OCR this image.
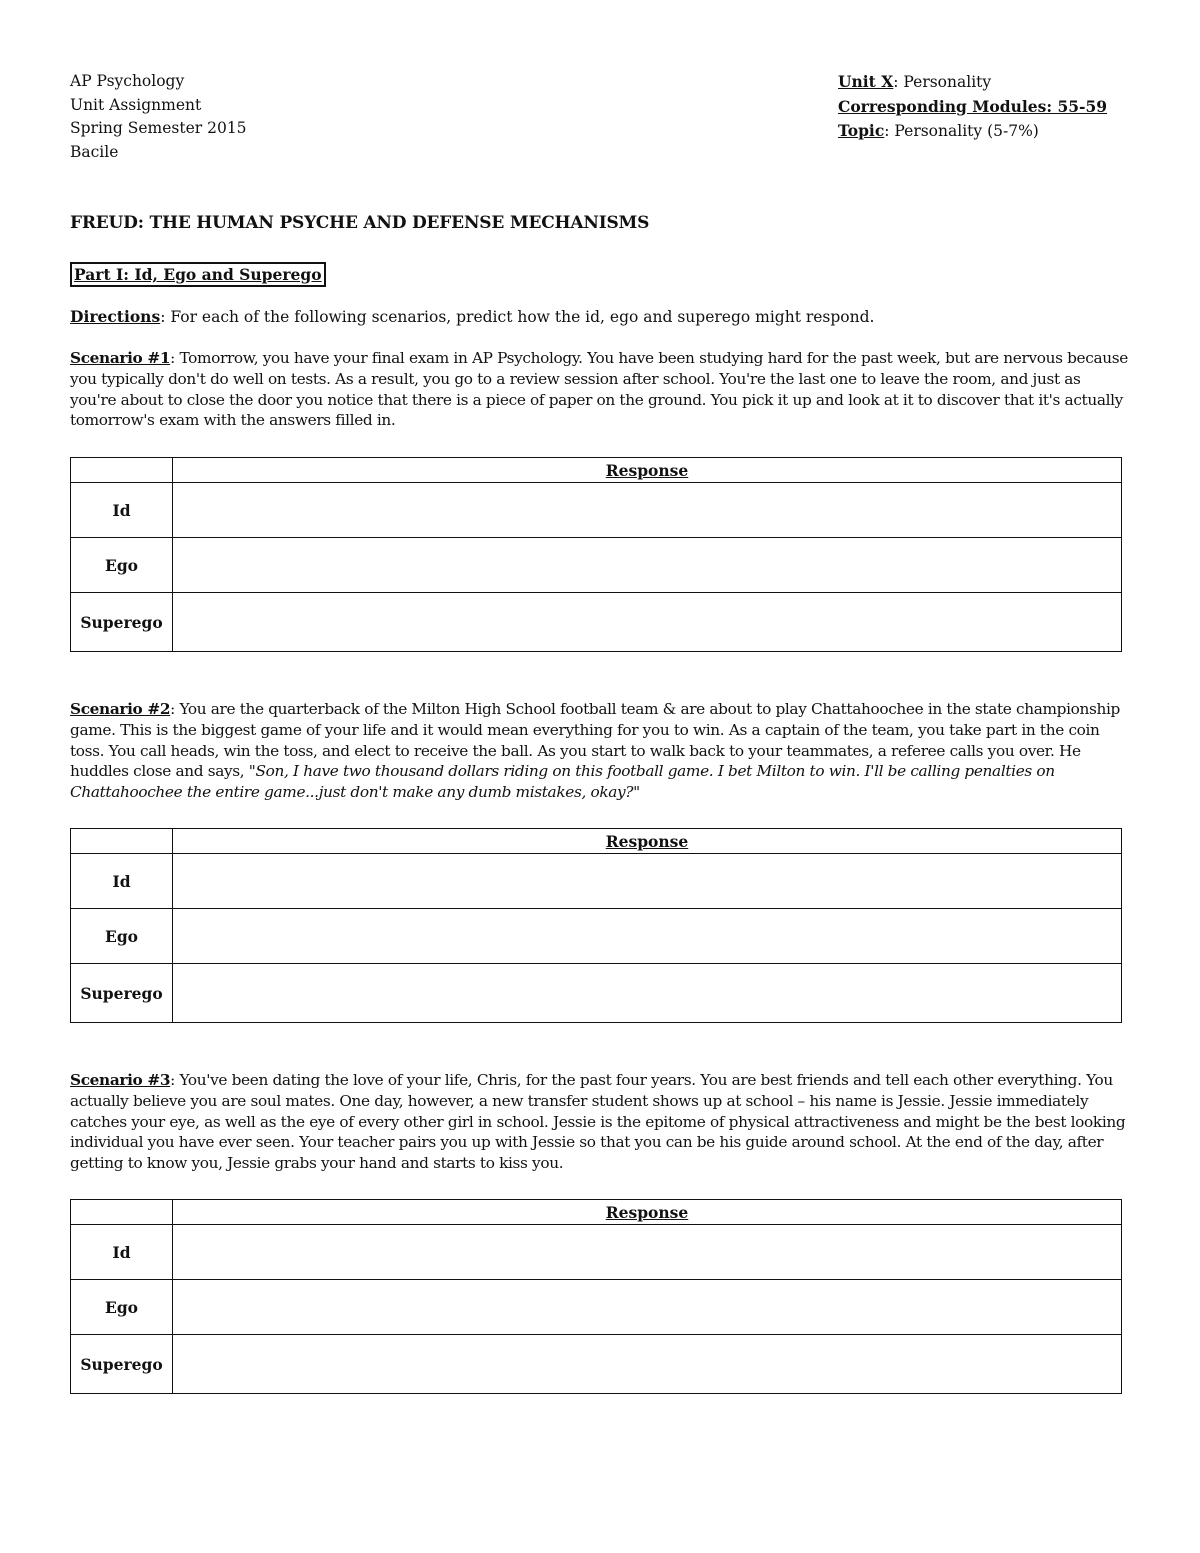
AP Psychology
Unit Assignment
Spring Semester 2015
Bacile
Unit X: Personality
Corresponding Modules: 55-59
Topic: Personality (5-7%)
FREUD: THE HUMAN PSYCHE AND DEFENSE MECHANISMS
Part I: Id, Ego and Superego
Directions: For each of the following scenarios, predict how the id, ego and superego might respond.
Scenario #1: Tomorrow, you have your final exam in AP Psychology. You have been studying hard for the past week, but are nervous because you typically don't do well on tests. As a result, you go to a review session after school. You're the last one to leave the room, and just as you're about to close the door you notice that there is a piece of paper on the ground. You pick it up and look at it to discover that it's actually tomorrow's exam with the answers filled in.
	Response
Id	
Ego	
Superego	
Scenario #2: You are the quarterback of the Milton High School football team & are about to play Chattahoochee in the state championship game. This is the biggest game of your life and it would mean everything for you to win. As a captain of the team, you take part in the coin toss. You call heads, win the toss, and elect to receive the ball. As you start to walk back to your teammates, a referee calls you over. He huddles close and says, "Son, I have two thousand dollars riding on this football game. I bet Milton to win. I'll be calling penalties on Chattahoochee the entire game...just don't make any dumb mistakes, okay?"
	Response
Id	
Ego	
Superego	
Scenario #3: You've been dating the love of your life, Chris, for the past four years. You are best friends and tell each other everything. You actually believe you are soul mates. One day, however, a new transfer student shows up at school – his name is Jessie. Jessie immediately catches your eye, as well as the eye of every other girl in school. Jessie is the epitome of physical attractiveness and might be the best looking individual you have ever seen. Your teacher pairs you up with Jessie so that you can be his guide around school. At the end of the day, after getting to know you, Jessie grabs your hand and starts to kiss you.
	Response
Id	
Ego	
Superego	
